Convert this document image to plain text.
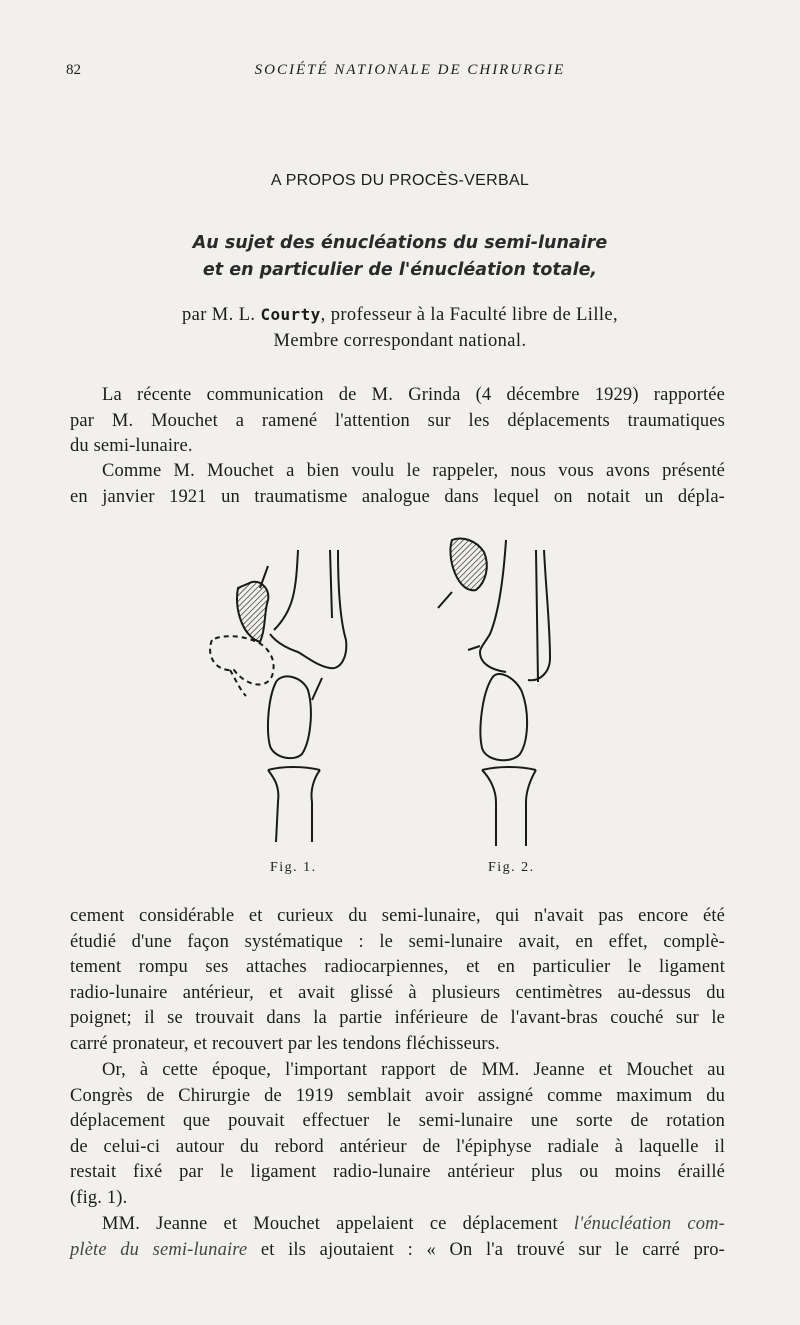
82	SOCIÉTÉ NATIONALE DE CHIRURGIE
A PROPOS DU PROCÈS-VERBAL
Au sujet des énucléations du semi-lunaire
et en particulier de l'énucléation totale,
par M. L. Courty, professeur à la Faculté libre de Lille,
Membre correspondant national.
La récente communication de M. Grinda (4 décembre 1929) rapportée
par M. Mouchet a ramené l'attention sur les déplacements traumatiques
du semi-lunaire.
Comme M. Mouchet a bien voulu le rappeler, nous vous avons présenté
en janvier 1921 un traumatisme analogue dans lequel on notait un dépla-
Fig. 1.	Fig. 2.
cement considérable et curieux du semi-lunaire, qui n'avait pas encore été
étudié d'une façon systématique : le semi-lunaire avait, en effet, complè-
tement rompu ses attaches radiocarpiennes, et en particulier le ligament
radio-lunaire antérieur, et avait glissé à plusieurs centimètres au-dessus du
poignet; il se trouvait dans la partie inférieure de l'avant-bras couché sur le
carré pronateur, et recouvert par les tendons fléchisseurs.
Or, à cette époque, l'important rapport de MM. Jeanne et Mouchet au
Congrès de Chirurgie de 1919 semblait avoir assigné comme maximum du
déplacement que pouvait effectuer le semi-lunaire une sorte de rotation
de celui-ci autour du rebord antérieur de l'épiphyse radiale à laquelle il
restait fixé par le ligament radio-lunaire antérieur plus ou moins éraillé
(fig. 1).
MM. Jeanne et Mouchet appelaient ce déplacement l'énucléation com-
plète du semi-lunaire et ils ajoutaient : « On l'a trouvé sur le carré pro-
